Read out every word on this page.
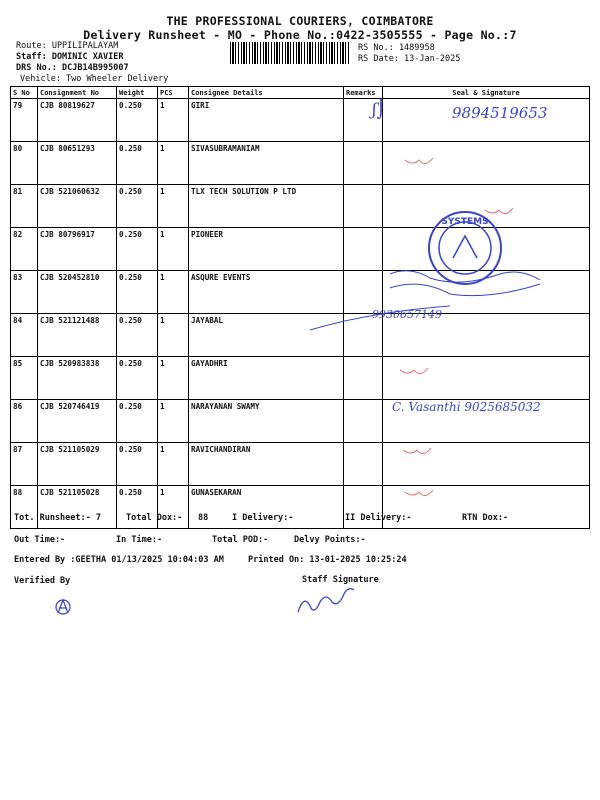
THE PROFESSIONAL COURIERS, COIMBATORE
Delivery Runsheet - MO - Phone No.:0422-3505555 - Page No.:7
Route: UPPILIPALAYAM
Staff: DOMINIC XAVIER
DRS No.: DCJB14B995007
Vehicle: Two Wheeler Delivery
RS No.: 1489958
RS Date: 13-Jan-2025
S No	Consignment No	Weight	PCS	Consignee Details	Remarks	Seal & Signature
79	CJB 80819627	0.250	1	GIRI		
80	CJB 80651293	0.250	1	SIVASUBRAMANIAM		
81	CJB 521060632	0.250	1	TLX TECH SOLUTION P LTD		
82	CJB 80796917	0.250	1	PIONEER		
83	CJB 520452810	0.250	1	ASQURE EVENTS		
84	CJB 521121488	0.250	1	JAYABAL		
85	CJB 520983838	0.250	1	GAYADHRI		
86	CJB 520746419	0.250	1	NARAYANAN SWAMY		
87	CJB 521105029	0.250	1	RAVICHANDIRAN		
88	CJB 521105028	0.250	1	GUNASEKARAN		
ʃ⌡	9894519653
SYSTEMS
9930657149
C. Vasanthi 9025685032
Tot. Runsheet:- 7	Total Dox:- 88	I Delivery:-	II Delivery:-	RTN Dox:-
Out Time:-	In Time:-	Total POD:-	Delvy Points:-
Entered By :GEETHA 01/13/2025 10:04:03 AM	Printed On: 13-01-2025 10:25:24
Verified By	Staff Signature
